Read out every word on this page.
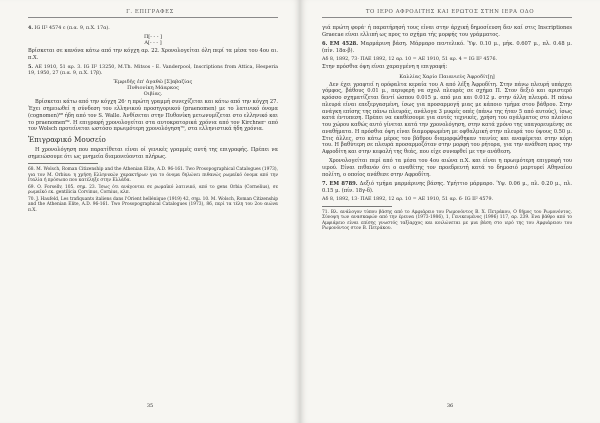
Γ. ΕΠΙΓΡΑΦΕΣ

4. IG II² 4574 c (π.α. 9, π.Χ. 17α).

Π[- - - ]
Α[- - - ]

Βρίσκεται σε κανόνα κάτω από την κόγχη αρ. 22. Χρονολογείται όλη περί τα μέσα του 4ου αι. π.Χ.

5. ΑΕ 1910, 51 αρ. 3. IG II² 13250, M.Th. Mitsos - E. Vanderpool, Inscriptions from Attica, Hesperia 19, 1950, 27 (π.α. 9, π.Χ. 17β).

Ἐμφιδῆς ἐπ' ἀγαθῶ [Σ]αβαζίας
Πυθιονίκη Μάαρκος
Οιβίας.

Βρίσκεται κάτω από την κόγχη 26· η πρώτη γραμμή συνεχίζεται και κάτω από την κόγχη 27. Έχει σημειωθεί η σύνδεση του ελληνικού προσηγορικού (praenomen) με το λατινικό όνομα (cognomen)⁶⁸ ήδη από τον S. Walle. Άνθίσεται στην Πυθονίκη μετωνυμίζεται στο ελληνικό και το praenomen⁶⁹. Η επιγραφή χρονολογείται στα αυτοκρατορικά χρόνια από τον Kirchner· από τον Wolsch προτείνεται ωστόσο πρωιμότερη χρονολόγηση⁷⁰, στα ελληνιστικά ήδη χρόνια.

Ἐπιγραφικό Μουσείο

Η χρονολόγηση που παρατίθεται είναι οί γενικές γραμμές αυτή της επιγραφής. Πρέπει να σημειώσουμε ότι ως μνημεία διαμονεύονται πλήρως.

68. M. Wolsch, Roman Citizenship and the Athenian Elite, A.D. 96-161. Two Prosopographical Catalogues (1973), για τον M. Orbius: η χρήση Ελληνικών χαρακτήρων για το όνομα δηλώνει πιθανώς ρωμαϊκό όνομα από την Ιταλία ή πρόσωπο που κατέληξε στην Ελλάδα.

69. O. Forsellv, 105. σημ. 23. Ίσως ότι ανάγονται σε ρωμαϊκό λατινικό, από το gens Orbia (Cornelius), σε ρωμαϊκό εκ. gentilicia Corvinus, Cornius, κλπ.

70. J. Haufeld, Les trafiquants italiens dans l'Orient hellénique (1919) 42, σημ. 10. Μ. Wolsch, Roman Citizenship and the Athenian Elite, A.D. 96-161. Two Prosopographical Catalogues (1973), 86, περί τα τέλη του 2ου αιώνα π.Χ.

35
ΤΟ ΙΕΡΟ ΑΦΡΟΔΙΤΗΣ ΚΑΙ ΕΡΩΤΟΣ ΣΤΗΝ ΙΕΡΑ ΟΔΟ

γιά πρώτη φορά· ή παρατήρησή τους είναι στην άρχική δημοσίευση δεν καί στις Inscriptiones Graecae είναι ελλιπή ως προς το σχήμα τής μορφής του γράμματος.

6. ΕΜ 4528. Μαρμάρινη βάση. Μάρμαρο πεντελικό. Ύψ. 0.10 μ., μήκ. 0.607 μ., πλ. 0.48 μ. (πίν. 18α-β).

Αδ 8, 1892, 73· ΠΑΕ 1892, 12 αρ. 10 = ΑΕ 1910, 51 αρ. 4 = IG II² 4576.

Στην πρόσθια όψη είναι χαραγμένη η επιγραφή:

Καλλίας Χαρίο Παιανιεὺς Ἀφροδίτ[ῃ]

Δεν έχει γραφτεί η ορόφαλτα κεραία του Α από λέξη Ἀφροδίτη. Στην πάνω πλευρή υπάρχει γόμφος, βάθους 0.01 μ., περιφερή να σχολ πλευρές σε σχήμα Π. Στον δεξιό και αριστερό κρόσσο σχηματίζεται δεντί ώσπου 0.015 μ. από μια και 0.012 μ. στην άλλη πλευρά. Η πάνω πλευρά είναι επεξεργασμένη, ίσως για προσαρμογή μιας με κάποιο τμήμα στου βάθρου. Στην ανάγκη επίσης της πάνω πλευράς, ανάλογα 3 μικρές οπές (πάνω της ήταν 5 από αυτούς), ίσως κατά έντυπεση. Πρέπει να εκαθέσουμε για αυτές τεχνικές, χρήση του αγάλματος στο πλαίσιο του χώρου καθώς αυτό γίνεται κατά την χρονολόγηση, στην κατά χρόνο της υπαγορευμένης σε αναθήματα. Η πρόσθια όψη είναι διαμορφωμένη με οφθαλμική στην πλευρά του ύψους 0.50 μ. Στις άλλες, στο κάτω μέρος του βάθρου διαμορφώθηκαν ταινίες και αναφέρεται στην κόρη του. Η βαθύτερη σε πλευρά προσαρμοζόταν στην μορφή του ρήτορα, για την ανάθεση προς την Αφροδίτη και στην κεφαλή της θεάς, που είχε συναφθεί με την ανάθεση.

Χρονολογείται περί από τα μέσα του 4ου αιώνα π.Χ. και είναι η πρωιμότερη επιγραφή του ιερού. Είναι πιθανόν ότι ο αναθέτης τον προεδρευτή κατά το δημοσιό μαρτυρεί Αθηναίου πολίτη, ο οποίος ανάθεσε στην Αφροδίτη.

7. ΕΜ 8789. Δεξιό τμήμα μαρμάρινης βάσης. Υμήττιο μάρμαρο. Ύψ. 0.06 μ., πλ. 0.20 μ., πλ. 0.15 μ. (πίν. 18γ-δ).

Αδ 8, 1892, 13· ΠΑΕ 1892, 12 αρ. 10 = ΑΕ 1910, 51 αρ. 6· IG II² 4579.

71. Βλ. ανάλογον τύπου βάσης από το Αμφιάρειο του Ρωμονόντος Β. Χ. Πετράκου, Ο δήμος του Ρωμονόντος. Σύνοψη των ανασκαφών από την έρευνα (1973-1986), 1, Γενικευμένος (1996) 117, αρ. 239. Ενα βάθρο από το Αμφιάρειο είναι επίσης γνωστός ταξίαρχος και κοιλώνεται με μια βάση στο ιερό της του Αμφιάρειου του Ρωμονόντος στον Β. Πετράκου.

36
